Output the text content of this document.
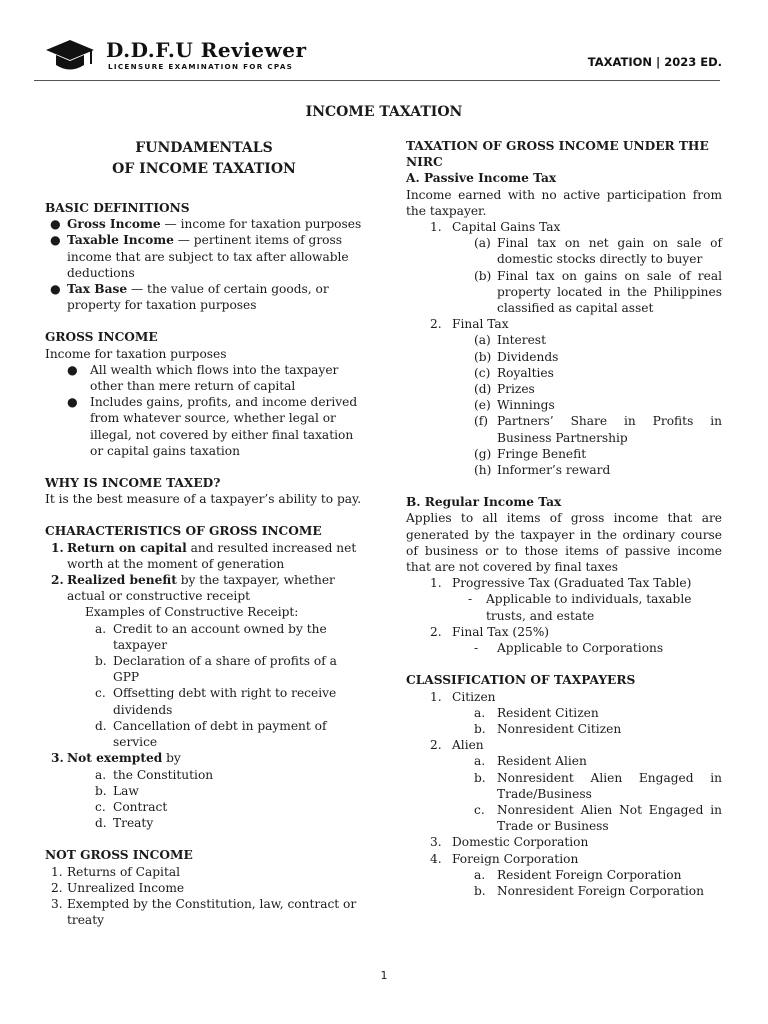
D.D.F.U Reviewer
LICENSURE EXAMINATION FOR CPAS	TAXATION | 2023 ED.
INCOME TAXATION
FUNDAMENTALS
OF INCOME TAXATION
BASIC DEFINITIONS
● Gross Income — income for taxation purposes
● Taxable Income — pertinent items of gross income that are subject to tax after allowable deductions
● Tax Base — the value of certain goods, or property for taxation purposes
GROSS INCOME
Income for taxation purposes
●	All wealth which flows into the taxpayer other than mere return of capital
●	Includes gains, profits, and income derived from whatever source, whether legal or illegal, not covered by either final taxation or capital gains taxation
WHY IS INCOME TAXED?
It is the best measure of a taxpayer’s ability to pay.
CHARACTERISTICS OF GROSS INCOME
1. Return on capital and resulted increased net worth at the moment of generation
2. Realized benefit by the taxpayer, whether actual or constructive receipt
Examples of Constructive Receipt:
a. Credit to an account owned by the taxpayer
b. Declaration of a share of profits of a GPP
c. Offsetting debt with right to receive dividends
d. Cancellation of debt in payment of service
3. Not exempted by
a. the Constitution
b. Law
c. Contract
d. Treaty
NOT GROSS INCOME
1. Returns of Capital
2. Unrealized Income
3. Exempted by the Constitution, law, contract or treaty
TAXATION OF GROSS INCOME UNDER THE NIRC
A. Passive Income Tax
Income earned with no active participation from the taxpayer.
1. Capital Gains Tax
(a) Final tax on net gain on sale of domestic stocks directly to buyer
(b) Final tax on gains on sale of real property located in the Philippines classified as capital asset
2. Final Tax
(a) Interest
(b) Dividends
(c) Royalties
(d) Prizes
(e) Winnings
(f) Partners’ Share in Profits in Business Partnership
(g) Fringe Benefit
(h) Informer’s reward
B. Regular Income Tax
Applies to all items of gross income that are generated by the taxpayer in the ordinary course of business or to those items of passive income that are not covered by final taxes
1. Progressive Tax (Graduated Tax Table)
-	Applicable to individuals, taxable trusts, and estate
2. Final Tax (25%)
-	Applicable to Corporations
CLASSIFICATION OF TAXPAYERS
1. Citizen
a. Resident Citizen
b. Nonresident Citizen
2. Alien
a. Resident Alien
b. Nonresident Alien Engaged in Trade/Business
c.	Nonresident Alien Not Engaged in Trade or Business
3. Domestic Corporation
4. Foreign Corporation
a. Resident Foreign Corporation
b. Nonresident Foreign Corporation
1
